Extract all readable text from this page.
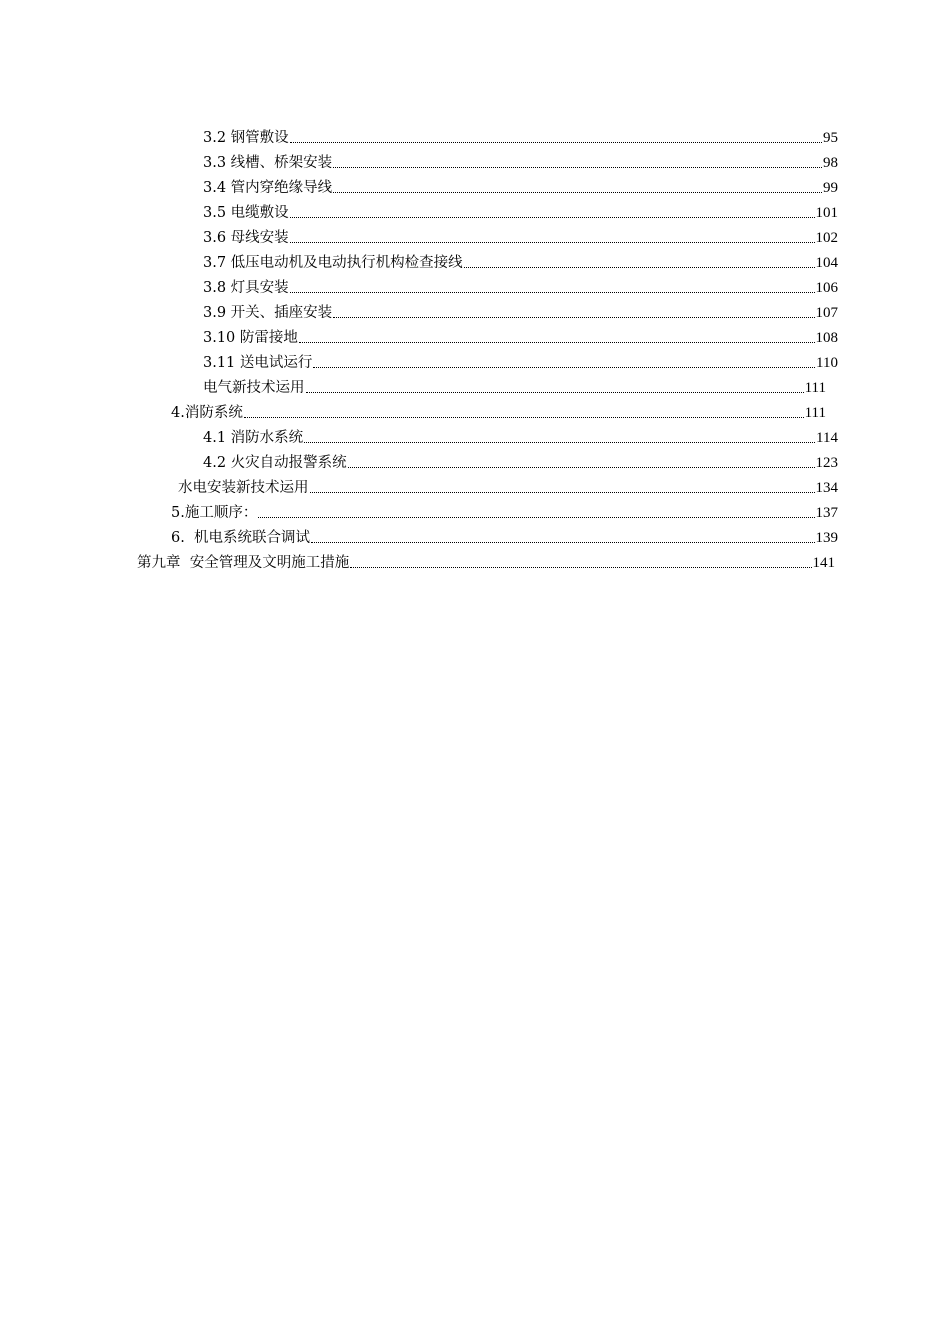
3.2 钢管敷设	95
3.3 线槽、桥架安装	98
3.4 管内穿绝缘导线	99
3.5 电缆敷设	101
3.6 母线安装	102
3.7 低压电动机及电动执行机构检查接线	104
3.8 灯具安装	106
3.9 开关、插座安装	107
3.10 防雷接地	108
3.11 送电试运行	110
电气新技术运用	111
4.消防系统	111
4.1 消防水系统	114
4.2 火灾自动报警系统	123
水电安装新技术运用	134
5.施工顺序：	137
6.  机电系统联合调试	139
第九章  安全管理及文明施工措施	141
